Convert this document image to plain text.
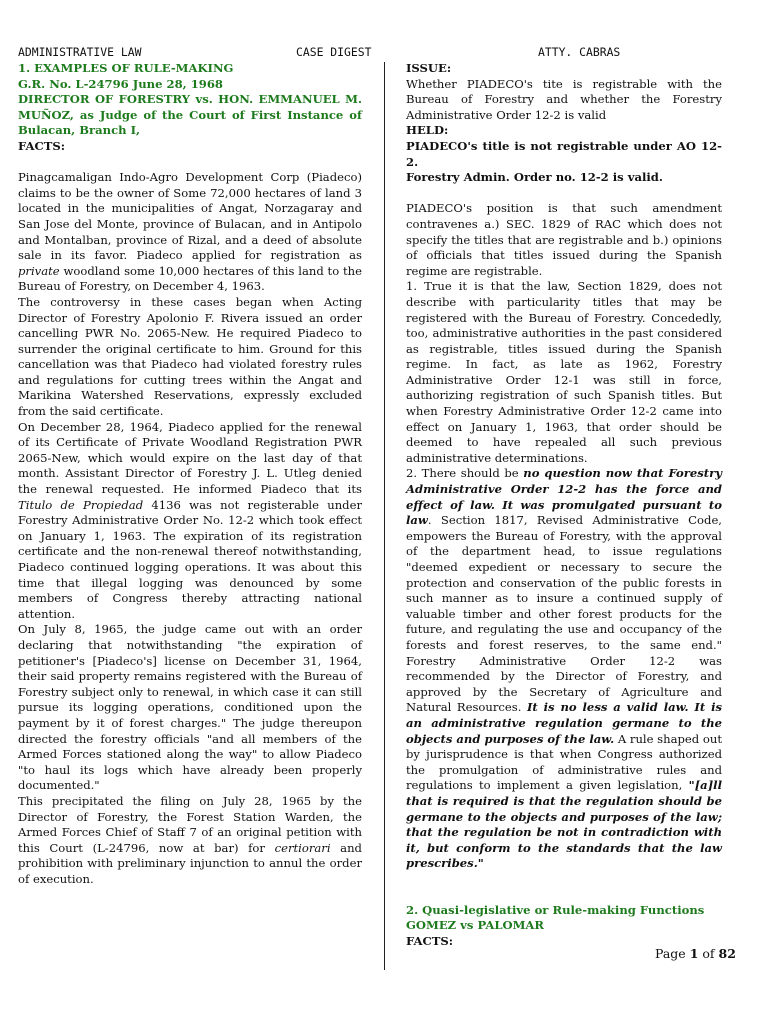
ADMINISTRATIVE LAW	CASE DIGEST	ATTY. CABRAS
1. EXAMPLES OF RULE-MAKING
G.R. No. L-24796 June 28, 1968

DIRECTOR OF FORESTRY vs. HON. EMMANUEL M. MUÑOZ, as Judge of the Court of First Instance of Bulacan, Branch I,

FACTS:

Pinagcamaligan Indo-Agro Development Corp (Piadeco) claims to be the owner of Some 72,000 hectares of land 3 located in the municipalities of Angat, Norzagaray and San Jose del Monte, province of Bulacan, and in Antipolo and Montalban, province of Rizal, and a deed of absolute sale in its favor. Piadeco applied for registration as private woodland some 10,000 hectares of this land to the Bureau of Forestry, on December 4, 1963.

The controversy in these cases began when Acting Director of Forestry Apolonio F. Rivera issued an order cancelling PWR No. 2065-New. He required Piadeco to surrender the original certificate to him. Ground for this cancellation was that Piadeco had violated forestry rules and regulations for cutting trees within the Angat and Marikina Watershed Reservations, expressly excluded from the said certificate.

On December 28, 1964, Piadeco applied for the renewal of its Certificate of Private Woodland Registration PWR 2065-New, which would expire on the last day of that month. Assistant Director of Forestry J. L. Utleg denied the renewal requested. He informed Piadeco that its Titulo de Propiedad 4136 was not registerable under Forestry Administrative Order No. 12-2 which took effect on January 1, 1963. The expiration of its registration certificate and the non-renewal thereof notwithstanding, Piadeco continued logging operations. It was about this time that illegal logging was denounced by some members of Congress thereby attracting national attention.

On July 8, 1965, the judge came out with an order declaring that notwithstanding "the expiration of petitioner's [Piadeco's] license on December 31, 1964, their said property remains registered with the Bureau of Forestry subject only to renewal, in which case it can still pursue its logging operations, conditioned upon the payment by it of forest charges." The judge thereupon directed the forestry officials "and all members of the Armed Forces stationed along the way" to allow Piadeco "to haul its logs which have already been properly documented."

This precipitated the filing on July 28, 1965 by the Director of Forestry, the Forest Station Warden, the Armed Forces Chief of Staff 7 of an original petition with this Court (L-24796, now at bar) for certiorari and prohibition with preliminary injunction to annul the order of execution.

ISSUE:

Whether PIADECO's tite is registrable with the Bureau of Forestry and whether the Forestry Administrative Order 12-2 is valid

HELD:

PIADECO's title is not registrable under AO 12-2.

Forestry Admin. Order no. 12-2 is valid.

PIADECO's position is that such amendment contravenes a.) SEC. 1829 of RAC which does not specify the titles that are registrable and b.) opinions of officials that titles issued during the Spanish regime are registrable.

1. True it is that the law, Section 1829, does not describe with particularity titles that may be registered with the Bureau of Forestry. Concededly, too, administrative authorities in the past considered as registrable, titles issued during the Spanish regime. In fact, as late as 1962, Forestry Administrative Order 12-1 was still in force, authorizing registration of such Spanish titles. But when Forestry Administrative Order 12-2 came into effect on January 1, 1963, that order should be deemed to have repealed all such previous administrative determinations.

2. There should be no question now that Forestry Administrative Order 12-2 has the force and effect of law. It was promulgated pursuant to law. Section 1817, Revised Administrative Code, empowers the Bureau of Forestry, with the approval of the department head, to issue regulations "deemed expedient or necessary to secure the protection and conservation of the public forests in such manner as to insure a continued supply of valuable timber and other forest products for the future, and regulating the use and occupancy of the forests and forest reserves, to the same end." Forestry Administrative Order 12-2 was recommended by the Director of Forestry, and approved by the Secretary of Agriculture and Natural Resources. It is no less a valid law. It is an administrative regulation germane to the objects and purposes of the law. A rule shaped out by jurisprudence is that when Congress authorized the promulgation of administrative rules and regulations to implement a given legislation, "[a]ll that is required is that the regulation should be germane to the objects and purposes of the law; that the regulation be not in contradiction with it, but conform to the standards that the law prescribes."

2. Quasi-legislative or Rule-making Functions
GOMEZ vs PALOMAR
FACTS:
Page 1 of 82
